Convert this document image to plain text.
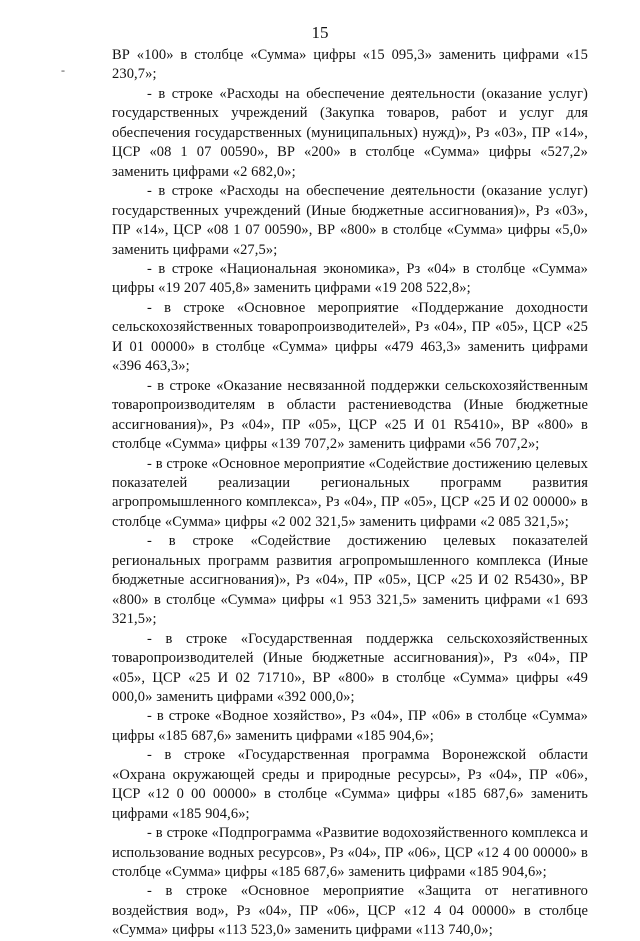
15
-

ВР «100» в столбце «Сумма» цифры «15 095,3» заменить цифрами «15 230,7»;

- в строке «Расходы на обеспечение деятельности (оказание услуг) государственных учреждений (Закупка товаров, работ и услуг для обеспечения государственных (муниципальных) нужд)», Рз «03», ПР «14», ЦСР «08 1 07 00590», ВР «200» в столбце «Сумма» цифры «527,2» заменить цифрами «2 682,0»;

- в строке «Расходы на обеспечение деятельности (оказание услуг) государственных учреждений (Иные бюджетные ассигнования)», Рз «03», ПР «14», ЦСР «08 1 07 00590», ВР «800» в столбце «Сумма» цифры «5,0» заменить цифрами «27,5»;

- в строке «Национальная экономика», Рз «04» в столбце «Сумма» цифры «19 207 405,8» заменить цифрами «19 208 522,8»;

- в строке «Основное мероприятие «Поддержание доходности сельскохозяйственных товаропроизводителей», Рз «04», ПР «05», ЦСР «25 И 01 00000» в столбце «Сумма» цифры «479 463,3» заменить цифрами «396 463,3»;

- в строке «Оказание несвязанной поддержки сельскохозяйственным товаропроизводителям в области растениеводства (Иные бюджетные ассигнования)», Рз «04», ПР «05», ЦСР «25 И 01 R5410», ВР «800» в столбце «Сумма» цифры «139 707,2» заменить цифрами «56 707,2»;

- в строке «Основное мероприятие «Содействие достижению целевых показателей реализации региональных программ развития агропромышленного комплекса», Рз «04», ПР «05», ЦСР «25 И 02 00000» в столбце «Сумма» цифры «2 002 321,5» заменить цифрами «2 085 321,5»;

- в строке «Содействие достижению целевых показателей региональных программ развития агропромышленного комплекса (Иные бюджетные ассигнования)», Рз «04», ПР «05», ЦСР «25 И 02 R5430», ВР «800» в столбце «Сумма» цифры «1 953 321,5» заменить цифрами «1 693 321,5»;

- в строке «Государственная поддержка сельскохозяйственных товаропроизводителей (Иные бюджетные ассигнования)», Рз «04», ПР «05», ЦСР «25 И 02 71710», ВР «800» в столбце «Сумма» цифры «49 000,0» заменить цифрами «392 000,0»;

- в строке «Водное хозяйство», Рз «04», ПР «06» в столбце «Сумма» цифры «185 687,6» заменить цифрами «185 904,6»;

- в строке «Государственная программа Воронежской области «Охрана окружающей среды и природные ресурсы», Рз «04», ПР «06», ЦСР «12 0 00 00000» в столбце «Сумма» цифры «185 687,6» заменить цифрами «185 904,6»;

- в строке «Подпрограмма «Развитие водохозяйственного комплекса и использование водных ресурсов», Рз «04», ПР «06», ЦСР «12 4 00 00000» в столбце «Сумма» цифры «185 687,6» заменить цифрами «185 904,6»;

- в строке «Основное мероприятие «Защита от негативного воздействия вод», Рз «04», ПР «06», ЦСР «12 4 04 00000» в столбце «Сумма» цифры «113 523,0» заменить цифрами «113 740,0»;
